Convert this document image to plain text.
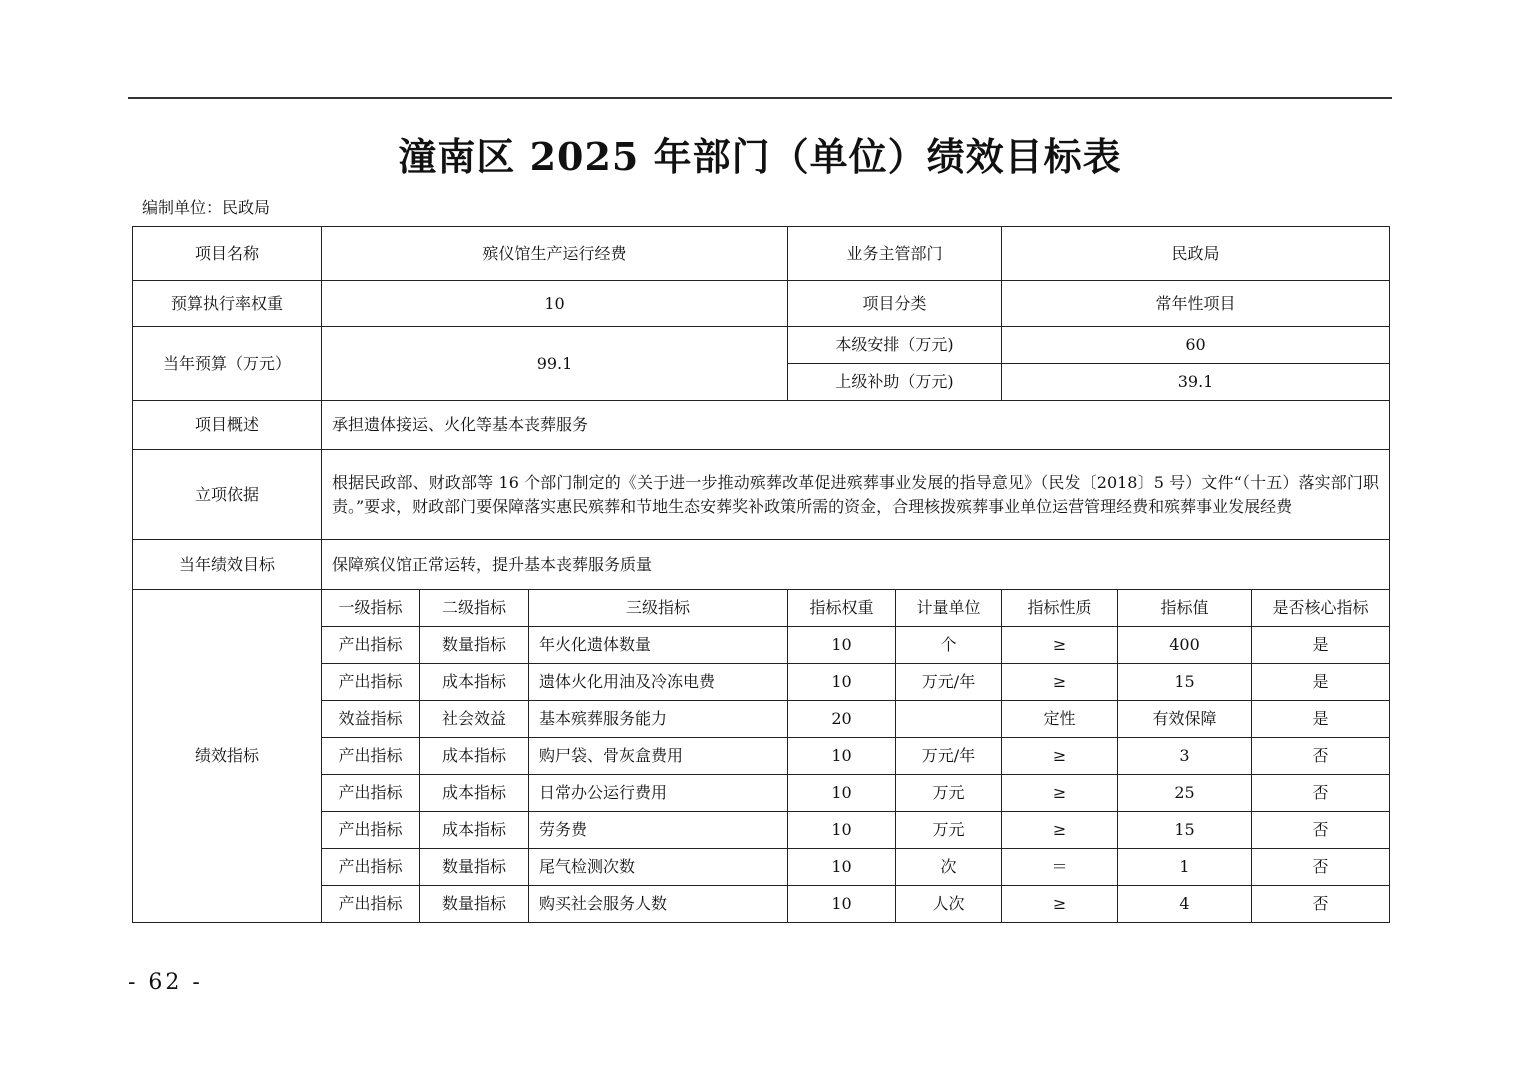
潼南区 2025 年部门（单位）绩效目标表
编制单位：民政局
项目名称	殡仪馆生产运行经费			业务主管部门		民政局		
预算执行率权重	10			项目分类		常年性项目		
当年预算（万元）	99.1			本级安排（万元)		60		
				上级补助（万元)		39.1		
项目概述	承担遗体接运、火化等基本丧葬服务							
立项依据	根据民政部、财政部等 16 个部门制定的《关于进一步推动殡葬改革促进殡葬事业发展的指导意见》（民发〔2018〕5 号）文件“（十五）落实部门职责。”要求，财政部门要保障落实惠民殡葬和节地生态安葬奖补政策所需的资金，合理核拨殡葬事业单位运营管理经费和殡葬事业发展经费							
当年绩效目标	保障殡仪馆正常运转，提升基本丧葬服务质量							
绩效指标	一级指标	二级指标	三级指标	指标权重	计量单位	指标性质	指标值	是否核心指标
	产出指标	数量指标	年火化遗体数量	10	个	≥	400	是
	产出指标	成本指标	遗体火化用油及冷冻电费	10	万元/年	≥	15	是
	效益指标	社会效益	基本殡葬服务能力	20		定性	有效保障	是
	产出指标	成本指标	购尸袋、骨灰盒费用	10	万元/年	≥	3	否
	产出指标	成本指标	日常办公运行费用	10	万元	≥	25	否
	产出指标	成本指标	劳务费	10	万元	≥	15	否
	产出指标	数量指标	尾气检测次数	10	次	＝	1	否
	产出指标	数量指标	购买社会服务人数	10	人次	≥	4	否
- 62 -
